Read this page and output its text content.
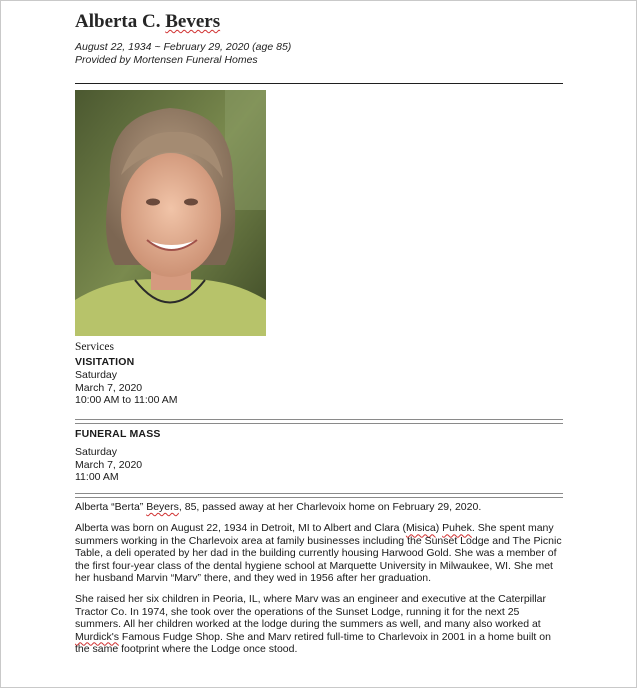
Alberta C. Bevers
August 22, 1934 ~ February 29, 2020 (age 85)
Provided by Mortensen Funeral Homes
Services
VISITATION
Saturday
March 7, 2020
10:00 AM to 11:00 AM
FUNERAL MASS
Saturday
March 7, 2020
11:00 AM

Alberta “Berta” Beyers, 85, passed away at her Charlevoix home on February 29, 2020.

Alberta was born on August 22, 1934 in Detroit, MI to Albert and Clara (Misica) Puhek. She spent many summers working in the Charlevoix area at family businesses including the Sunset Lodge and The Picnic Table, a deli operated by her dad in the building currently housing Harwood Gold. She was a member of the first four-year class of the dental hygiene school at Marquette University in Milwaukee, WI. She met her husband Marvin “Marv” there, and they wed in 1956 after her graduation.

She raised her six children in Peoria, IL, where Marv was an engineer and executive at the Caterpillar Tractor Co. In 1974, she took over the operations of the Sunset Lodge, running it for the next 25 summers. All her children worked at the lodge during the summers as well, and many also worked at Murdick's Famous Fudge Shop. She and Marv retired full-time to Charlevoix in 2001 in a home built on the same footprint where the Lodge once stood.
